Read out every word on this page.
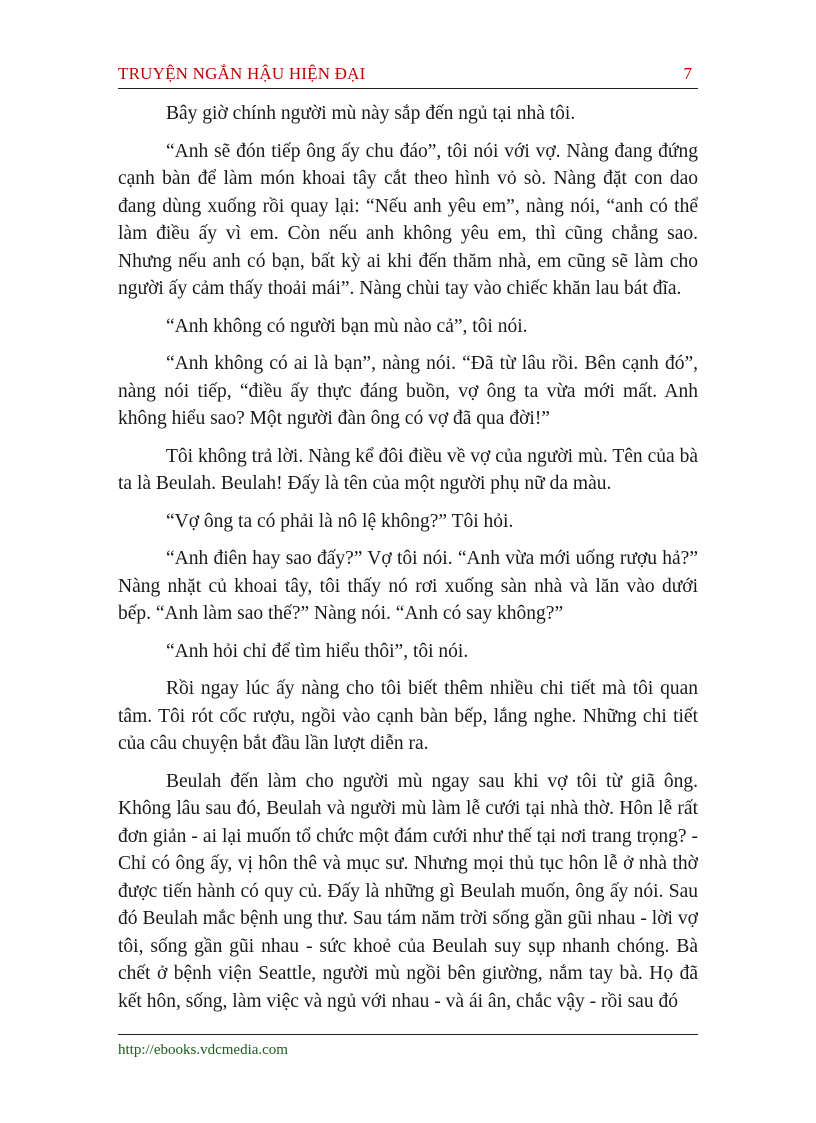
TRUYỆN NGẮN HẬU HIỆN ĐẠI	7

Bây giờ chính người mù này sắp đến ngủ tại nhà tôi.

“Anh sẽ đón tiếp ông ấy chu đáo”, tôi nói với vợ. Nàng đang đứng cạnh bàn để làm món khoai tây cắt theo hình vỏ sò. Nàng đặt con dao đang dùng xuống rồi quay lại: “Nếu anh yêu em”, nàng nói, “anh có thể làm điều ấy vì em. Còn nếu anh không yêu em, thì cũng chẳng sao. Nhưng nếu anh có bạn, bất kỳ ai khi đến thăm nhà, em cũng sẽ làm cho người ấy cảm thấy thoải mái”. Nàng chùi tay vào chiếc khăn lau bát đĩa.

“Anh không có người bạn mù nào cả”, tôi nói.

“Anh không có ai là bạn”, nàng nói. “Đã từ lâu rồi. Bên cạnh đó”, nàng nói tiếp, “điều ấy thực đáng buồn, vợ ông ta vừa mới mất. Anh không hiểu sao? Một người đàn ông có vợ đã qua đời!”

Tôi không trả lời. Nàng kể đôi điều về vợ của người mù. Tên của bà ta là Beulah. Beulah! Đấy là tên của một người phụ nữ da màu.

“Vợ ông ta có phải là nô lệ không?” Tôi hỏi.

“Anh điên hay sao đấy?” Vợ tôi nói. “Anh vừa mới uống rượu hả?” Nàng nhặt củ khoai tây, tôi thấy nó rơi xuống sàn nhà và lăn vào dưới bếp. “Anh làm sao thế?” Nàng nói. “Anh có say không?”

“Anh hỏi chỉ để tìm hiểu thôi”, tôi nói.

Rồi ngay lúc ấy nàng cho tôi biết thêm nhiều chi tiết mà tôi quan tâm. Tôi rót cốc rượu, ngồi vào cạnh bàn bếp, lắng nghe. Những chi tiết của câu chuyện bắt đầu lần lượt diễn ra.

Beulah đến làm cho người mù ngay sau khi vợ tôi từ giã ông. Không lâu sau đó, Beulah và người mù làm lễ cưới tại nhà thờ. Hôn lễ rất đơn giản - ai lại muốn tổ chức một đám cưới như thế tại nơi trang trọng? - Chỉ có ông ấy, vị hôn thê và mục sư. Nhưng mọi thủ tục hôn lễ ở nhà thờ được tiến hành có quy củ. Đấy là những gì Beulah muốn, ông ấy nói. Sau đó Beulah mắc bệnh ung thư. Sau tám năm trời sống gần gũi nhau - lời vợ tôi, sống gần gũi nhau - sức khoẻ của Beulah suy sụp nhanh chóng. Bà chết ở bệnh viện Seattle, người mù ngồi bên giường, nắm tay bà. Họ đã kết hôn, sống, làm việc và ngủ với nhau - và ái ân, chắc vậy - rồi sau đó

http://ebooks.vdcmedia.com
